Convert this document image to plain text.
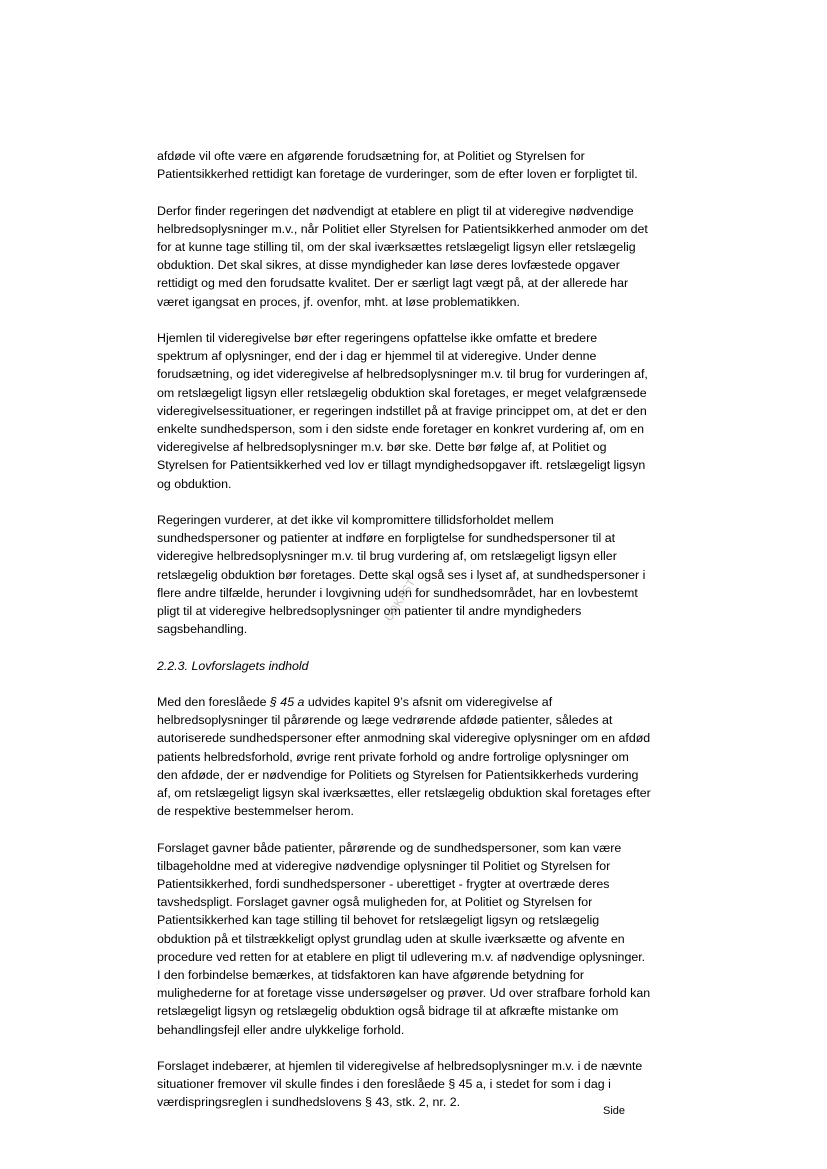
afdøde vil ofte være en afgørende forudsætning for, at Politiet og Styrelsen for
Patientsikkerhed rettidigt kan foretage de vurderinger, som de efter loven er forpligtet til.

Derfor finder regeringen det nødvendigt at etablere en pligt til at videregive nødvendige
helbredsoplysninger m.v., når Politiet eller Styrelsen for Patientsikkerhed anmoder om det
for at kunne tage stilling til, om der skal iværksættes retslægeligt ligsyn eller retslægelig
obduktion. Det skal sikres, at disse myndigheder kan løse deres lovfæstede opgaver
rettidigt og med den forudsatte kvalitet. Der er særligt lagt vægt på, at der allerede har
været igangsat en proces, jf. ovenfor, mht. at løse problematikken.

Hjemlen til videregivelse bør efter regeringens opfattelse ikke omfatte et bredere
spektrum af oplysninger, end der i dag er hjemmel til at videregive. Under denne
forudsætning, og idet videregivelse af helbredsoplysninger m.v. til brug for vurderingen af,
om retslægeligt ligsyn eller retslægelig obduktion skal foretages, er meget velafgrænsede
videregivelsessituationer, er regeringen indstillet på at fravige princippet om, at det er den
enkelte sundhedsperson, som i den sidste ende foretager en konkret vurdering af, om en
videregivelse af helbredsoplysninger m.v. bør ske. Dette bør følge af, at Politiet og
Styrelsen for Patientsikkerhed ved lov er tillagt myndighedsopgaver ift. retslægeligt ligsyn
og obduktion.

Regeringen vurderer, at det ikke vil kompromittere tillidsforholdet mellem
sundhedspersoner og patienter at indføre en forpligtelse for sundhedspersoner til at
videregive helbredsoplysninger m.v. til brug vurdering af, om retslægeligt ligsyn eller
retslægelig obduktion bør foretages. Dette skal også ses i lyset af, at sundhedspersoner i
flere andre tilfælde, herunder i lovgivning uden for sundhedsområdet, har en lovbestemt
pligt til at videregive helbredsoplysninger om patienter til andre myndigheders
sagsbehandling.

2.2.3. Lovforslagets indhold

Med den foreslåede § 45 a udvides kapitel 9’s afsnit om videregivelse af
helbredsoplysninger til pårørende og læge vedrørende afdøde patienter, således at
autoriserede sundhedspersoner efter anmodning skal videregive oplysninger om en afdød
patients helbredsforhold, øvrige rent private forhold og andre fortrolige oplysninger om
den afdøde, der er nødvendige for Politiets og Styrelsen for Patientsikkerheds vurdering
af, om retslægeligt ligsyn skal iværksættes, eller retslægelig obduktion skal foretages efter
de respektive bestemmelser herom.

Forslaget gavner både patienter, pårørende og de sundhedspersoner, som kan være
tilbageholdne med at videregive nødvendige oplysninger til Politiet og Styrelsen for
Patientsikkerhed, fordi sundhedspersoner - uberettiget - frygter at overtræde deres
tavshedspligt. Forslaget gavner også muligheden for, at Politiet og Styrelsen for
Patientsikkerhed kan tage stilling til behovet for retslægeligt ligsyn og retslægelig
obduktion på et tilstrækkeligt oplyst grundlag uden at skulle iværksætte og afvente en
procedure ved retten for at etablere en pligt til udlevering m.v. af nødvendige oplysninger.
I den forbindelse bemærkes, at tidsfaktoren kan have afgørende betydning for
mulighederne for at foretage visse undersøgelser og prøver. Ud over strafbare forhold kan
retslægeligt ligsyn og retslægelig obduktion også bidrage til at afkræfte mistanke om
behandlingsfejl eller andre ulykkelige forhold.

Forslaget indebærer, at hjemlen til videregivelse af helbredsoplysninger m.v. i de nævnte
situationer fremover vil skulle findes i den foreslåede § 45 a, i stedet for som i dag i
værdispringsreglen i sundhedslovens § 43, stk. 2, nr. 2.

UDKAST
Side
